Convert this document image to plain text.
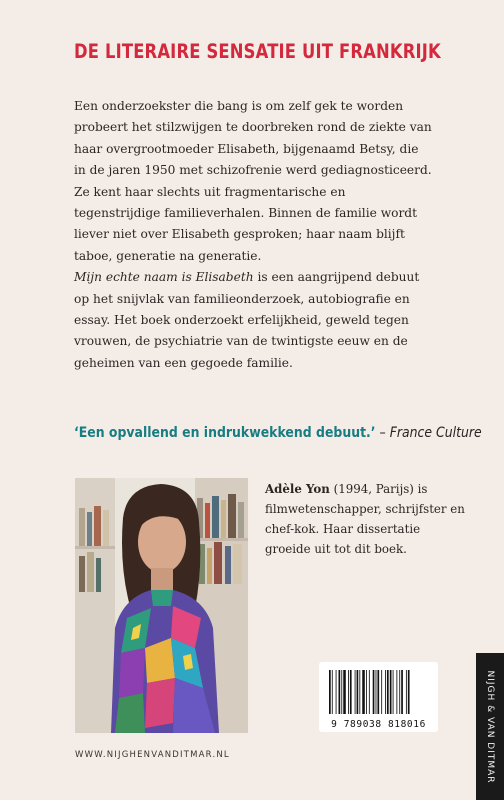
DE LITERAIRE SENSATIE UIT FRANKRIJK

Een onderzoekster die bang is om zelf gek te worden probeert het stilzwijgen te doorbreken rond de ziekte van haar overgrootmoeder Elisabeth, bijgenaamd Betsy, die in de jaren 1950 met schizofrenie werd gediagnosticeerd. Ze kent haar slechts uit fragmentarische en tegenstrijdige familieverhalen. Binnen de familie wordt liever niet over Elisabeth gesproken; haar naam blijft taboe, generatie na generatie.

Mijn echte naam is Elisabeth is een aangrijpend debuut op het snijvlak van familieonderzoek, autobiografie en essay. Het boek onderzoekt erfelijkheid, geweld tegen vrouwen, de psychiatrie van de twintigste eeuw en de geheimen van een gegoede familie.

‘Een opvallend en indrukwekkend debuut.’ – France Culture
Adèle Yon (1994, Parijs) is filmwetenschapper, schrijfster en chef-kok. Haar dissertatie groeide uit tot dit boek.
9 789038 818016
WWW.NIJGHENVANDITMAR.NL	NIJGH & VAN DITMAR
